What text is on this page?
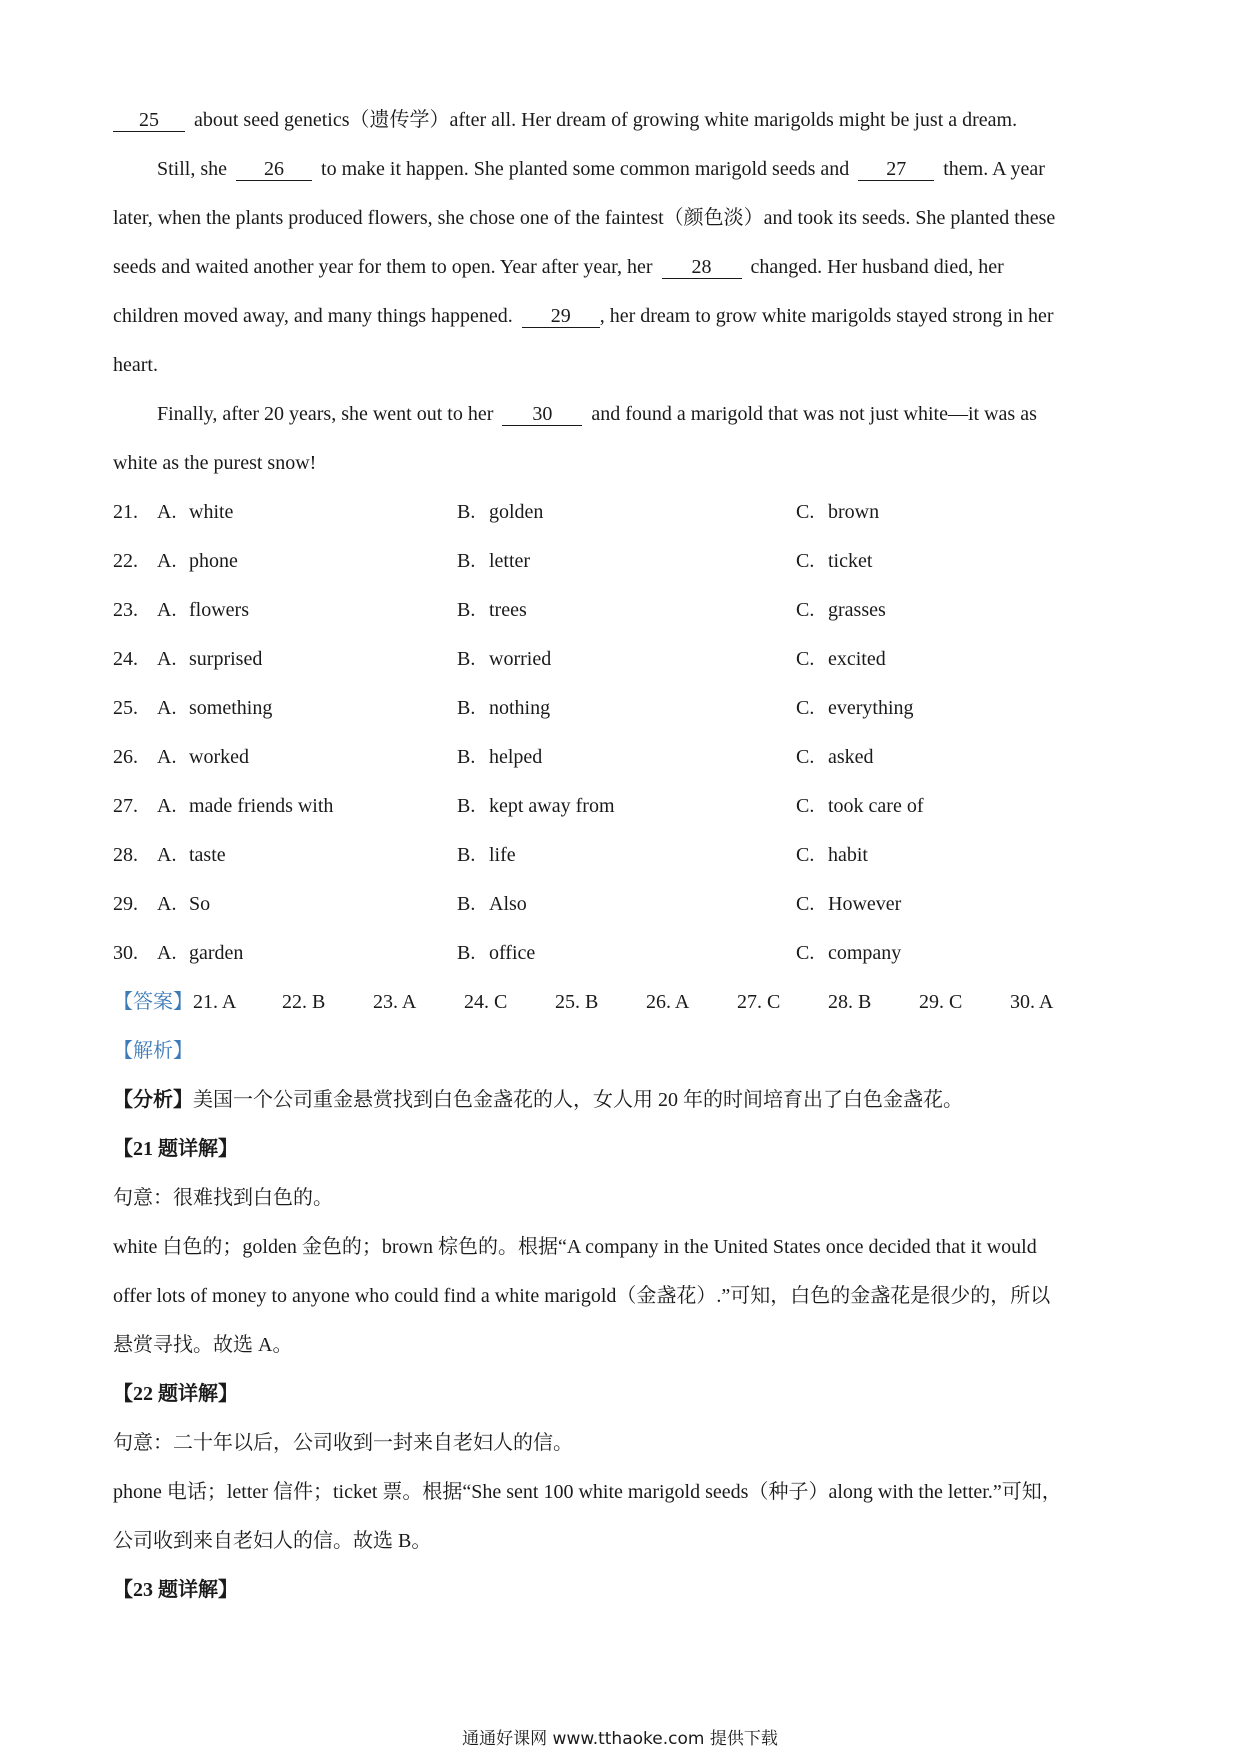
25 about seed genetics（遗传学）after all. Her dream of growing white marigolds might be just a dream.
Still, she 26 to make it happen. She planted some common marigold seeds and 27 them. A year
later, when the plants produced flowers, she chose one of the faintest（颜色淡）and took its seeds. She planted these
seeds and waited another year for them to open. Year after year, her 28 changed. Her husband died, her
children moved away, and many things happened. 29 , her dream to grow white marigolds stayed strong in her
heart.
Finally, after 20 years, she went out to her 30 and found a marigold that was not just white—it was as
white as the purest snow!
21. A. white	B. golden	C. brown
22. A. phone	B. letter	C. ticket
23. A. flowers	B. trees	C. grasses
24. A. surprised	B. worried	C. excited
25. A. something	B. nothing	C. everything
26. A. worked	B. helped	C. asked
27. A. made friends with	B. kept away from	C. took care of
28. A. taste	B. life	C. habit
29. A. So	B. Also	C. However
30. A. garden	B. office	C. company
【答案】 21. A	22. B	23. A	24. C	25. B	26. A	27. C	28. B	29. C	30. A
【解析】
【分析】美国一个公司重金悬赏找到白色金盏花的人，女人用 20 年的时间培育出了白色金盏花。
【21 题详解】
句意：很难找到白色的。
white 白色的；golden 金色的；brown 棕色的。根据“A company in the United States once decided that it would
offer lots of money to anyone who could find a white marigold（金盏花）.”可知，白色的金盏花是很少的，所以
悬赏寻找。故选 A。
【22 题详解】
句意：二十年以后，公司收到一封来自老妇人的信。
phone 电话；letter 信件；ticket 票。根据“She sent 100 white marigold seeds（种子）along with the letter.”可知，
公司收到来自老妇人的信。故选 B。
【23 题详解】
通通好课网 www.tthaoke.com 提供下载
